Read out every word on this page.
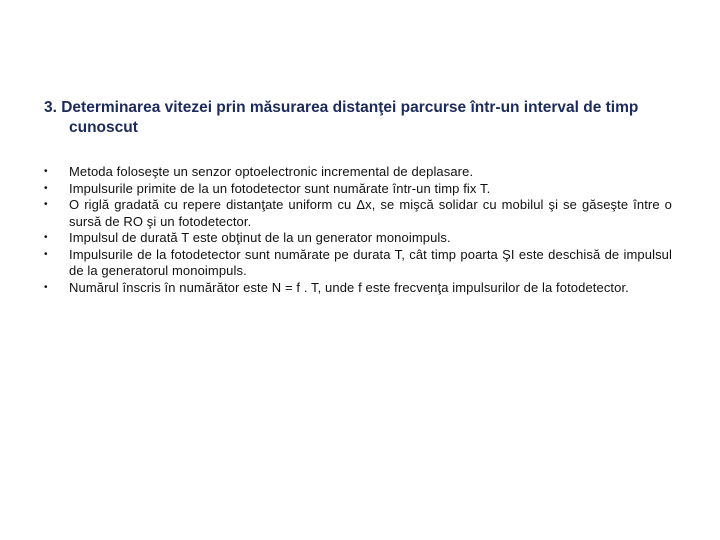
3. Determinarea vitezei prin măsurarea distanţei parcurse într-un interval de timp cunoscut
• Metoda foloseşte un senzor optoelectronic incremental de deplasare.
• Impulsurile primite de la un fotodetector sunt numărate într-un timp fix T.
• O riglă gradată cu repere distanţate uniform cu Δx, se mişcă solidar cu mobilul şi se găseşte între o sursă de RO şi un fotodetector.
• Impulsul de durată T este obţinut de la un generator monoimpuls.
• Impulsurile de la fotodetector sunt numărate pe durata T, cât timp poarta ŞI este deschisă de impulsul de la generatorul monoimpuls.
• Numărul înscris în numărător este N = f . T, unde f este frecvenţa impulsurilor de la fotodetector.
